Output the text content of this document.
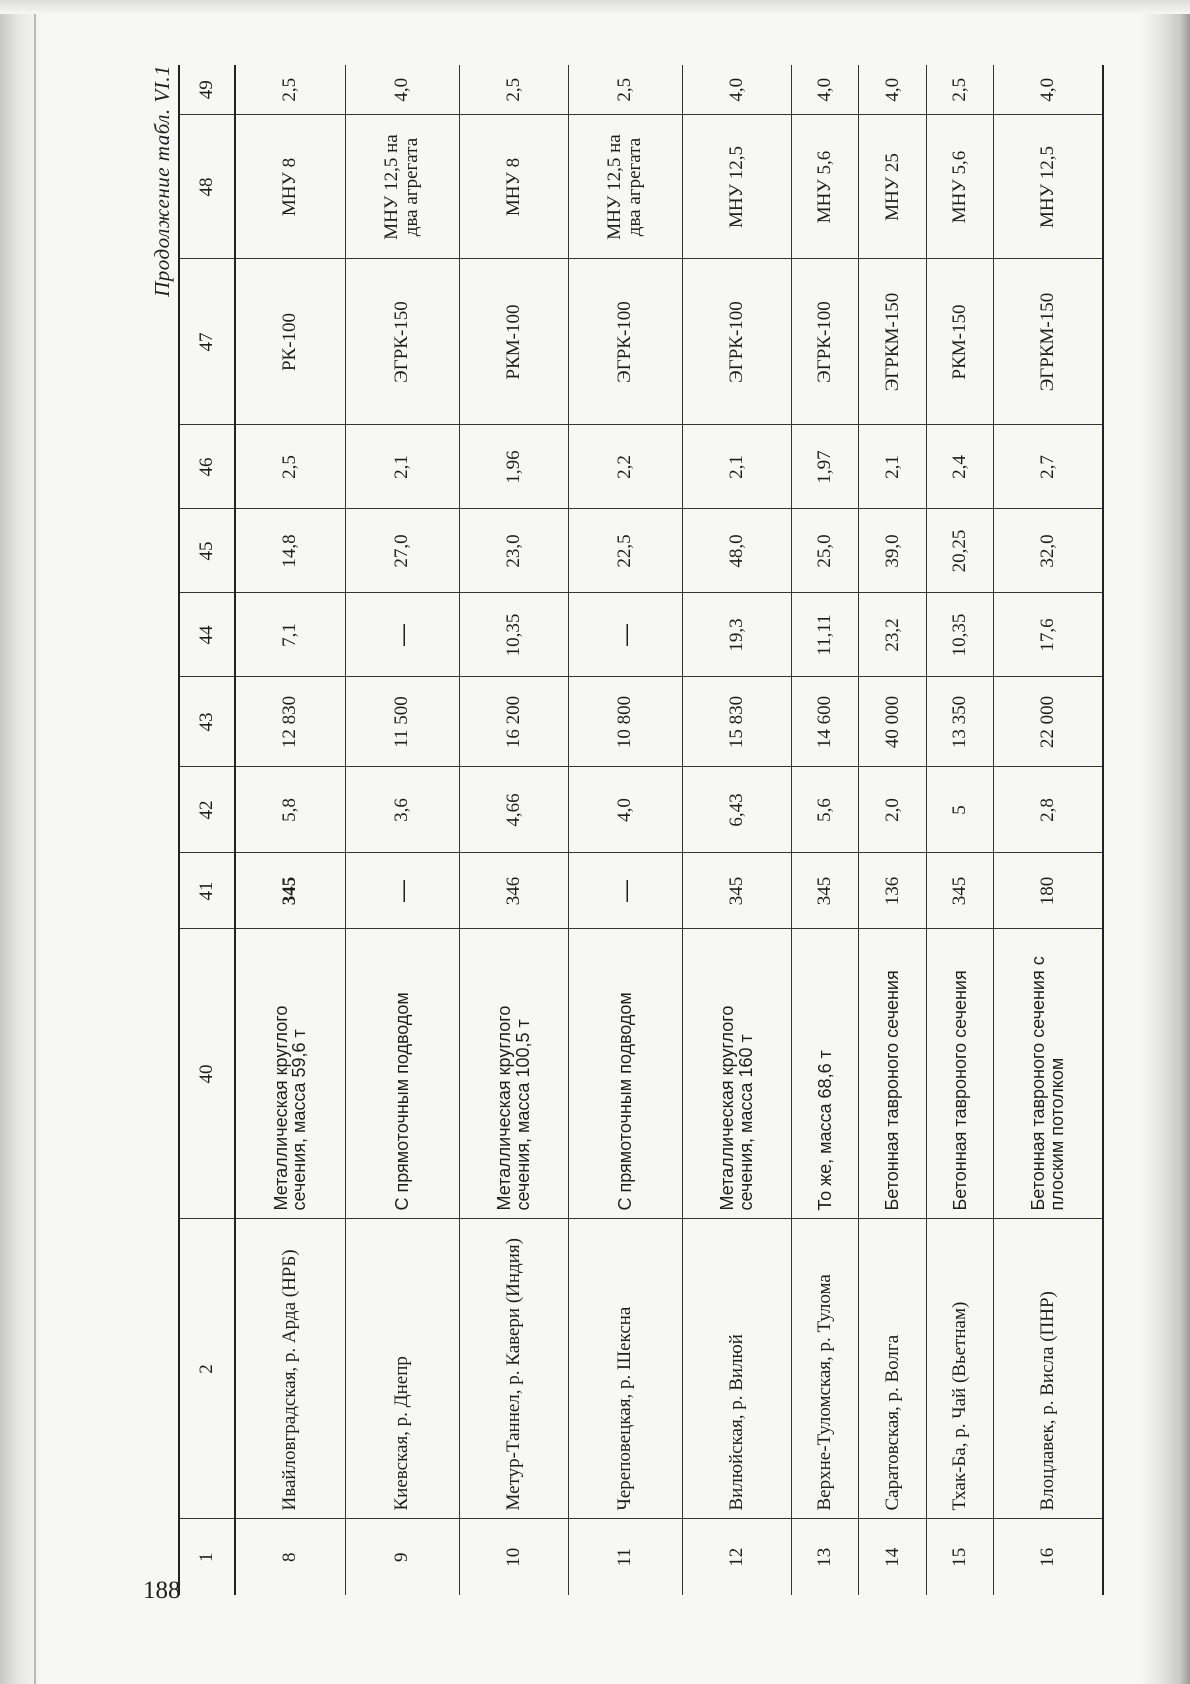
188
Продолжение табл. VI.1
1	2	40	41	42	43	44	45	46	47	48	49
8	Ивайловградская, р. Арда (НРБ)	Металлическая круглого сечения, масса 59,6 т	345	5,8	12 830	7,1	14,8	2,5	РК-100	МНУ 8	2,5
9	Киевская, р. Днепр	С прямоточным подводом	—	3,6	11 500	—	27,0	2,1	ЭГРК-150	МНУ 12,5 на два агрегата	4,0
10	Метур-Таннел, р. Кавери (Индия)	Металлическая круглого сечения, масса 100,5 т	346	4,66	16 200	10,35	23,0	1,96	РКМ-100	МНУ 8	2,5
11	Череповецкая, р. Шексна	С прямоточным подводом	—	4,0	10 800	—	22,5	2,2	ЭГРК-100	МНУ 12,5 на два агрегата	2,5
12	Вилюйская, р. Вилюй	Металлическая круглого сечения, масса 160 т	345	6,43	15 830	19,3	48,0	2,1	ЭГРК-100	МНУ 12,5	4,0
13	Верхне-Туломская, р. Тулома	То же, масса 68,6 т	345	5,6	14 600	11,11	25,0	1,97	ЭГРК-100	МНУ 5,6	4,0
14	Саратовская, р. Волга	Бетонная тавроного сечения	136	2,0	40 000	23,2	39,0	2,1	ЭГРКМ-150	МНУ 25	4,0
15	Тхак-Ба, р. Чай (Вьетнам)	Бетонная тавроного сечения	345	5	13 350	10,35	20,25	2,4	РКМ-150	МНУ 5,6	2,5
16	Влоцлавек, р. Висла (ПНР)	Бетонная тавроного сечения с плоским потолком	180	2,8	22 000	17,6	32,0	2,7	ЭГРКМ-150	МНУ 12,5	4,0
